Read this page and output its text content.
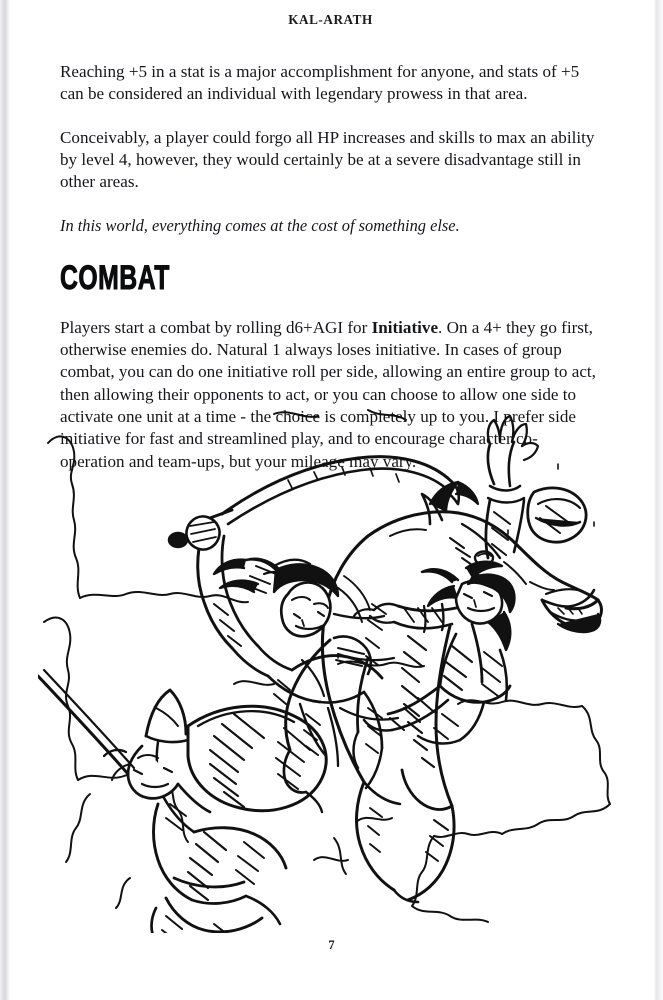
KAL-ARATH

Reaching +5 in a stat is a major accomplishment for anyone, and stats of +5 can be considered an individual with legendary prowess in that area.

Conceivably, a player could forgo all HP increases and skills to max an ability by level 4, however, they would certainly be at a severe disadvantage still in other areas.

In this world, everything comes at the cost of something else.

COMBAT

Players start a combat by rolling d6+AGI for Initiative. On a 4+ they go first, otherwise enemies do. Natural 1 always loses initiative. In cases of group combat, you can do one initiative roll per side, allowing an entire group to act, then allowing their opponents to act, or you can choose to allow one side to activate one unit at a time - the choice is completely up to you. I prefer side initiative for fast and streamlined play, and to encourage character co-operation and team-ups, but your mileage may vary.

7
